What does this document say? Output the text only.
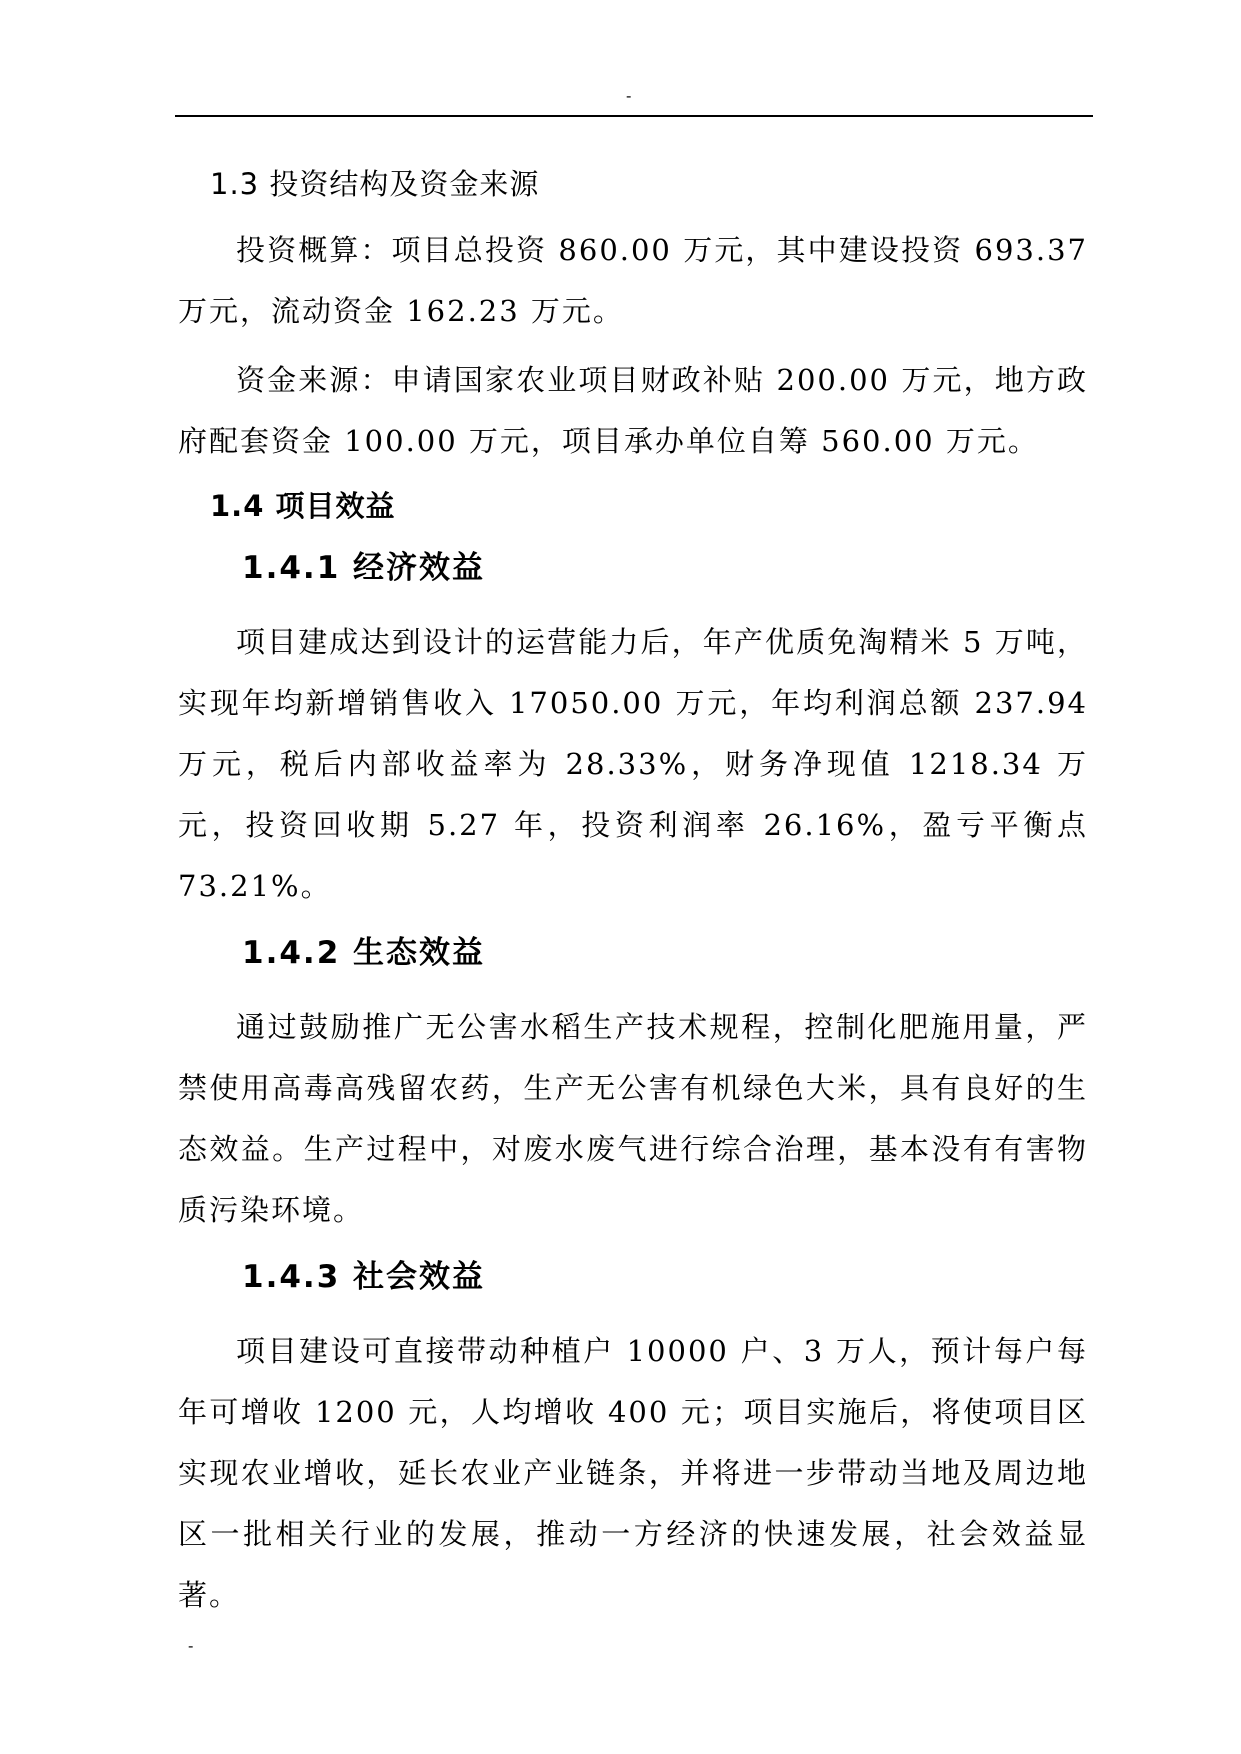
-
1.3 投资结构及资金来源

投资概算：项目总投资 860.00 万元，其中建设投资 693.37 万元，流动资金 162.23 万元。

资金来源：申请国家农业项目财政补贴 200.00 万元，地方政府配套资金 100.00 万元，项目承办单位自筹 560.00 万元。

1.4 项目效益
1.4.1 经济效益

项目建成达到设计的运营能力后，年产优质免淘精米 5 万吨，实现年均新增销售收入 17050.00 万元，年均利润总额 237.94 万元，税后内部收益率为 28.33%，财务净现值 1218.34 万元，投资回收期 5.27 年，投资利润率 26.16%，盈亏平衡点 73.21%。

1.4.2 生态效益

通过鼓励推广无公害水稻生产技术规程，控制化肥施用量，严禁使用高毒高残留农药，生产无公害有机绿色大米，具有良好的生态效益。生产过程中，对废水废气进行综合治理，基本没有有害物质污染环境。

1.4.3 社会效益

项目建设可直接带动种植户 10000 户、3 万人，预计每户每年可增收 1200 元，人均增收 400 元；项目实施后，将使项目区实现农业增收，延长农业产业链条，并将进一步带动当地及周边地区一批相关行业的发展，推动一方经济的快速发展，社会效益显著。

-
